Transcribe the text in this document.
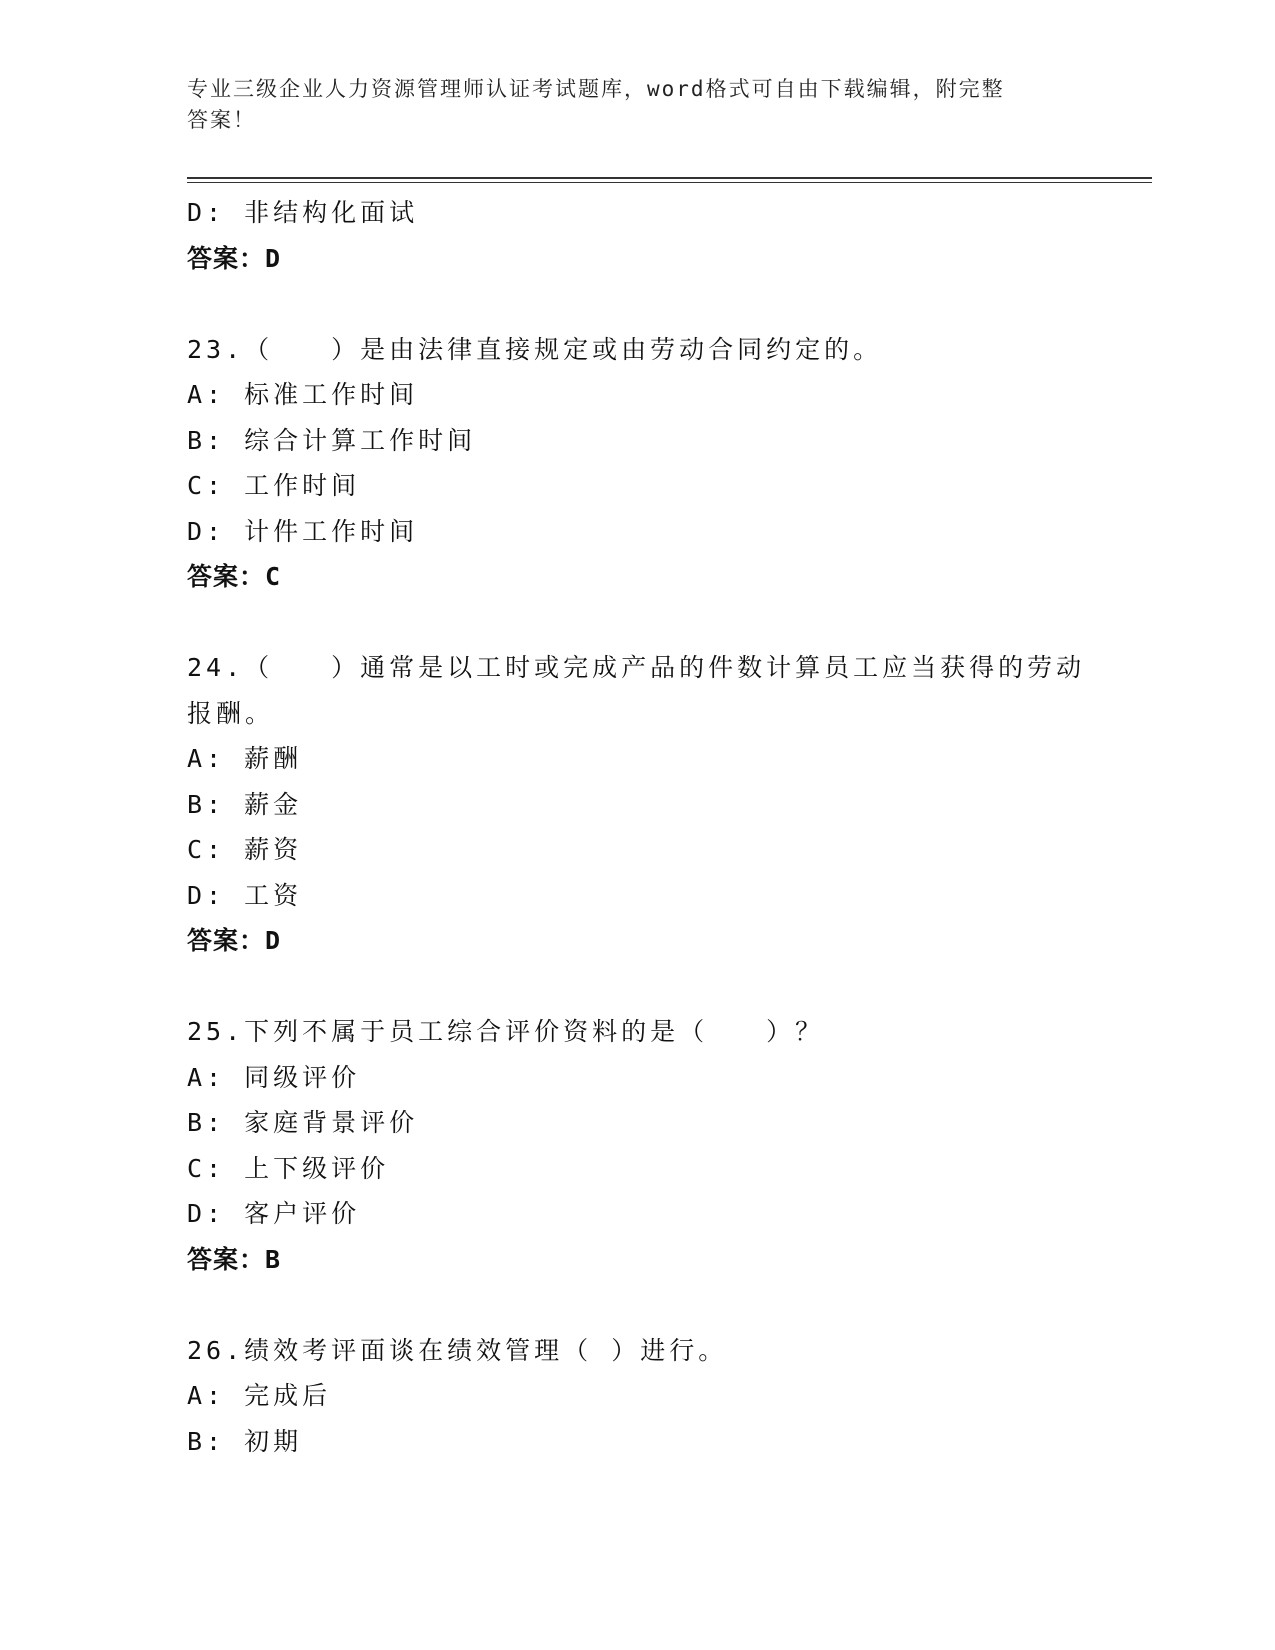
专业三级企业人力资源管理师认证考试题库，word格式可自由下载编辑，附完整
答案！
D: 非结构化面试
答案：D
23.（　　）是由法律直接规定或由劳动合同约定的。
A: 标准工作时间
B: 综合计算工作时间
C: 工作时间
D: 计件工作时间
答案：C
24.（　　）通常是以工时或完成产品的件数计算员工应当获得的劳动
报酬。
A: 薪酬
B: 薪金
C: 薪资
D: 工资
答案：D
25.下列不属于员工综合评价资料的是（　　）？
A: 同级评价
B: 家庭背景评价
C: 上下级评价
D: 客户评价
答案：B
26.绩效考评面谈在绩效管理（ ）进行。
A: 完成后
B: 初期
